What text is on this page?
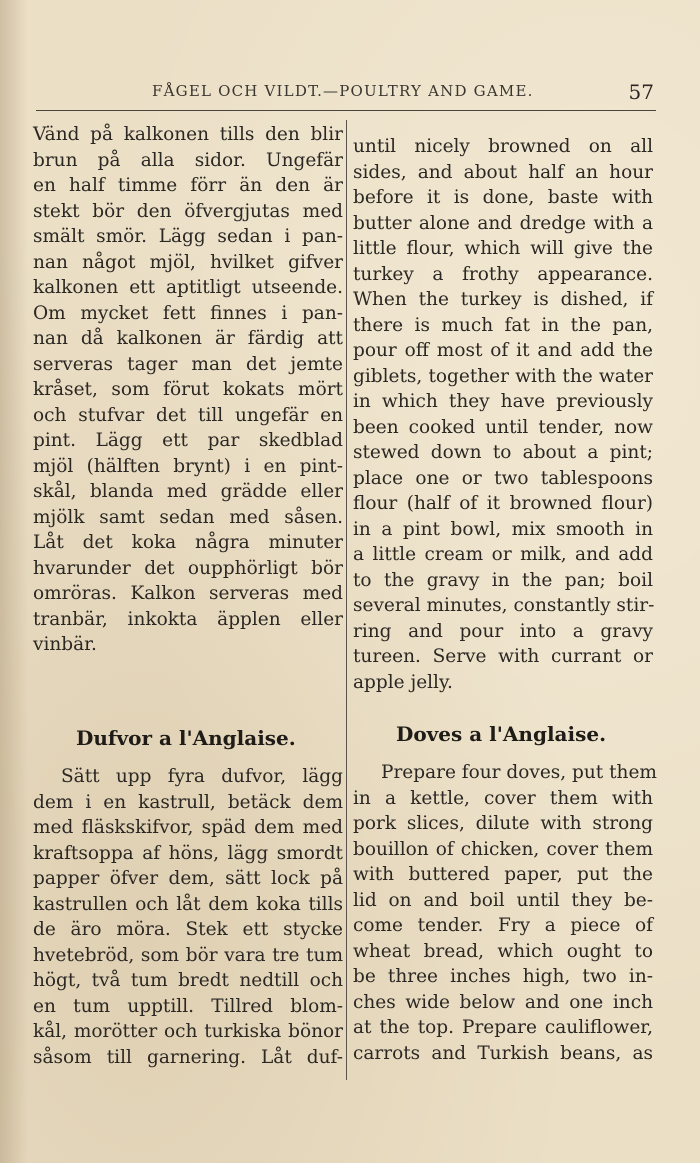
FÅGEL OCH VILDT.—POULTRY AND GAME.	57
Vänd på kalkonen tills den blir
brun på alla sidor. Ungefär
en half timme förr än den är
stekt bör den öfvergjutas med
smält smör. Lägg sedan i pan-
nan något mjöl, hvilket gifver
kalkonen ett aptitligt utseende.
Om mycket fett finnes i pan-
nan då kalkonen är färdig att
serveras tager man det jemte
kråset, som förut kokats mört
och stufvar det till ungefär en
pint. Lägg ett par skedblad
mjöl (hälften brynt) i en pint-
skål, blanda med grädde eller
mjölk samt sedan med såsen.
Låt det koka några minuter
hvarunder det oupphörligt bör
omröras. Kalkon serveras med
tranbär, inkokta äpplen eller
vinbär.
until nicely browned on all
sides, and about half an hour
before it is done, baste with
butter alone and dredge with a
little flour, which will give the
turkey a frothy appearance.
When the turkey is dished, if
there is much fat in the pan,
pour off most of it and add the
giblets, together with the water
in which they have previously
been cooked until tender, now
stewed down to about a pint;
place one or two tablespoons
flour (half of it browned flour)
in a pint bowl, mix smooth in
a little cream or milk, and add
to the gravy in the pan; boil
several minutes, constantly stir-
ring and pour into a gravy
tureen. Serve with currant or
apple jelly.
Dufvor a l'Anglaise.	Doves a l'Anglaise.
Sätt upp fyra dufvor, lägg
dem i en kastrull, betäck dem
med fläskskifvor, späd dem med
kraftsoppa af höns, lägg smordt
papper öfver dem, sätt lock på
kastrullen och låt dem koka tills
de äro möra. Stek ett stycke
hvetebröd, som bör vara tre tum
högt, två tum bredt nedtill och
en tum upptill. Tillred blom-
kål, morötter och turkiska bönor
såsom till garnering. Låt duf-
Prepare four doves, put them
in a kettle, cover them with
pork slices, dilute with strong
bouillon of chicken, cover them
with buttered paper, put the
lid on and boil until they be-
come tender. Fry a piece of
wheat bread, which ought to
be three inches high, two in-
ches wide below and one inch
at the top. Prepare cauliflower,
carrots and Turkish beans, as
